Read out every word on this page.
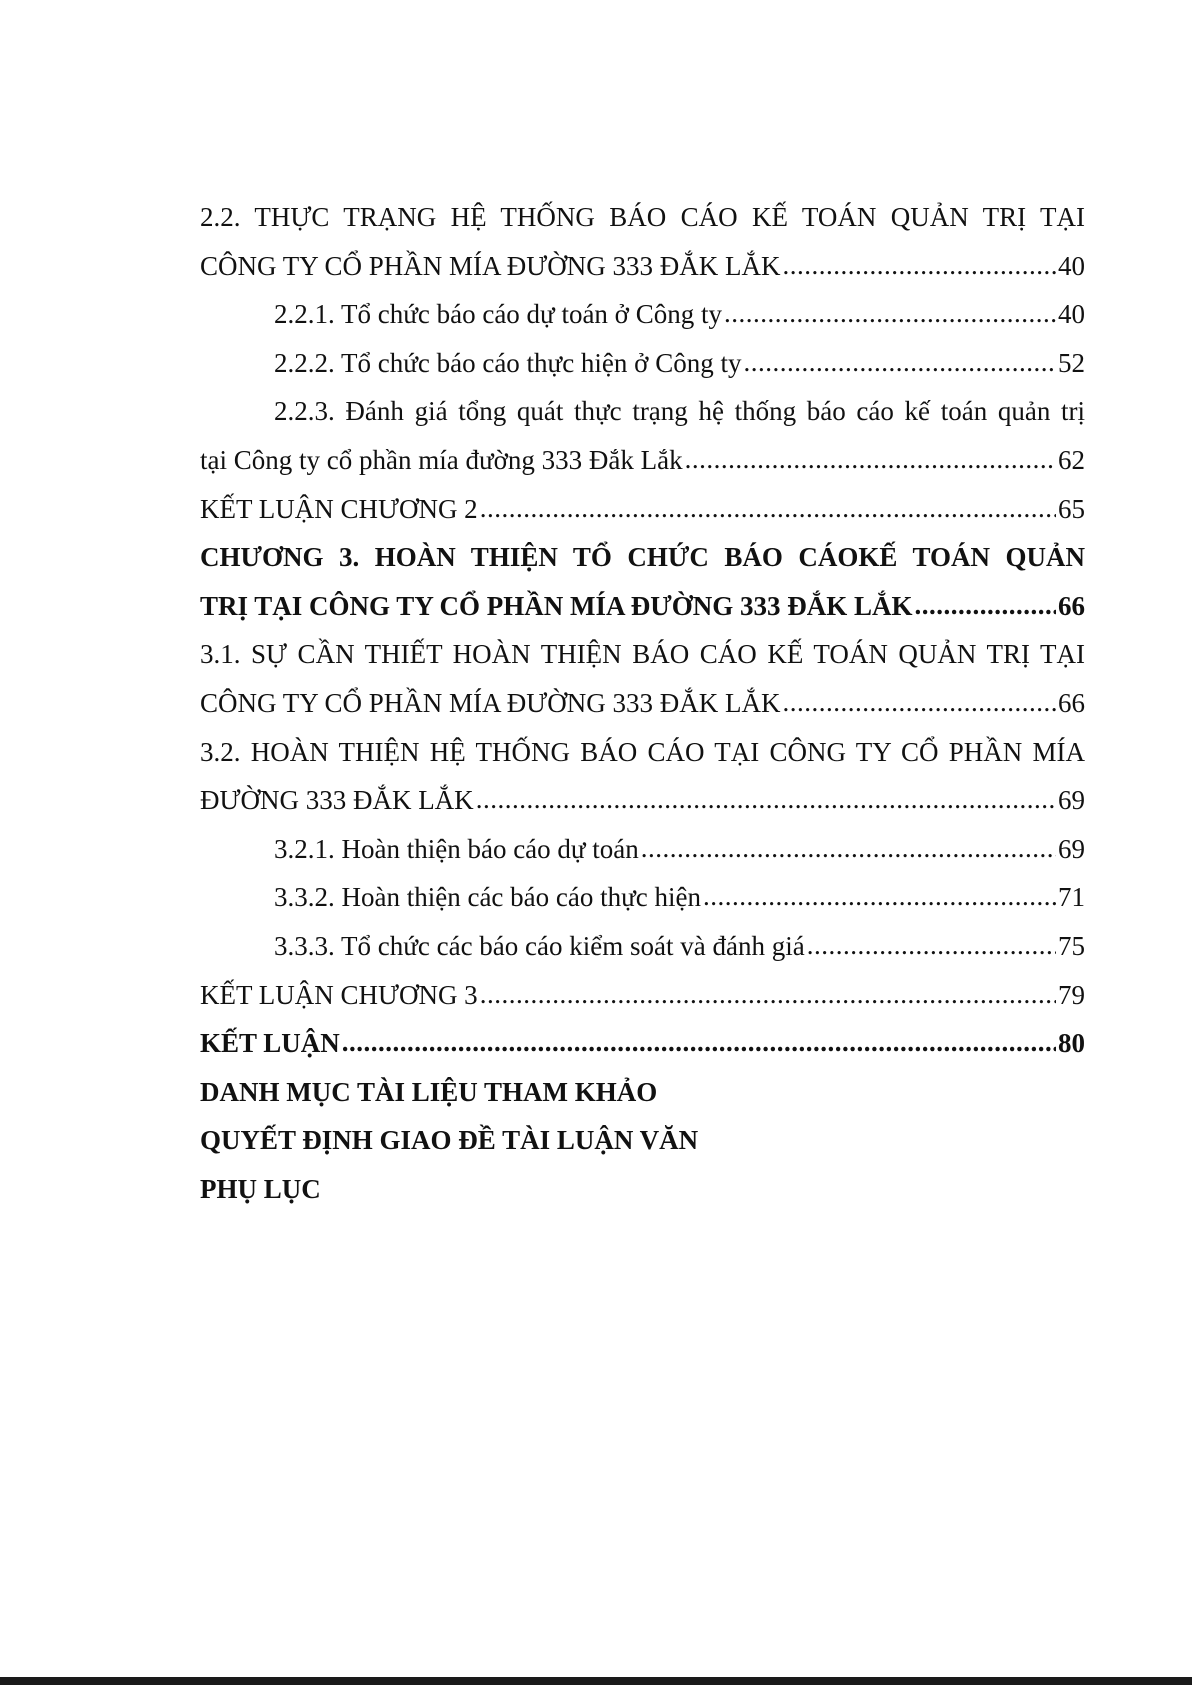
2.2. THỰC TRẠNG HỆ THỐNG BÁO CÁO KẾ TOÁN QUẢN TRỊ TẠI
CÔNG TY CỔ PHẦN MÍA ĐƯỜNG 333 ĐẮK LẮK .....	40
2.2.1. Tổ chức báo cáo dự toán ở Công ty .....	40
2.2.2. Tổ chức báo cáo thực hiện ở Công ty .....	52
2.2.3. Đánh giá tổng quát thực trạng hệ thống báo cáo kế toán quản trị
tại Công ty cổ phần mía đường 333 Đắk Lắk .....	62
KẾT LUẬN CHƯƠNG 2 .....	65
CHƯƠNG 3. HOÀN THIỆN TỔ CHỨC BÁO CÁOKẾ TOÁN QUẢN
TRỊ TẠI CÔNG TY CỔ PHẦN MÍA ĐƯỜNG 333 ĐẮK LẮK .....	66
3.1. SỰ CẦN THIẾT HOÀN THIỆN BÁO CÁO KẾ TOÁN QUẢN TRỊ TẠI
CÔNG TY CỔ PHẦN MÍA ĐƯỜNG 333 ĐẮK LẮK .....	66
3.2. HOÀN THIỆN HỆ THỐNG BÁO CÁO TẠI CÔNG TY CỔ PHẦN MÍA
ĐƯỜNG 333 ĐẮK LẮK .....	69
3.2.1. Hoàn thiện báo cáo dự toán .....	69
3.3.2. Hoàn thiện các báo cáo thực hiện .....	71
3.3.3. Tổ chức các báo cáo kiểm soát và đánh giá .....	75
KẾT LUẬN CHƯƠNG 3 .....	79
KẾT LUẬN .....	80
DANH MỤC TÀI LIỆU THAM KHẢO
QUYẾT ĐỊNH GIAO ĐỀ TÀI LUẬN VĂN
PHỤ LỤC
